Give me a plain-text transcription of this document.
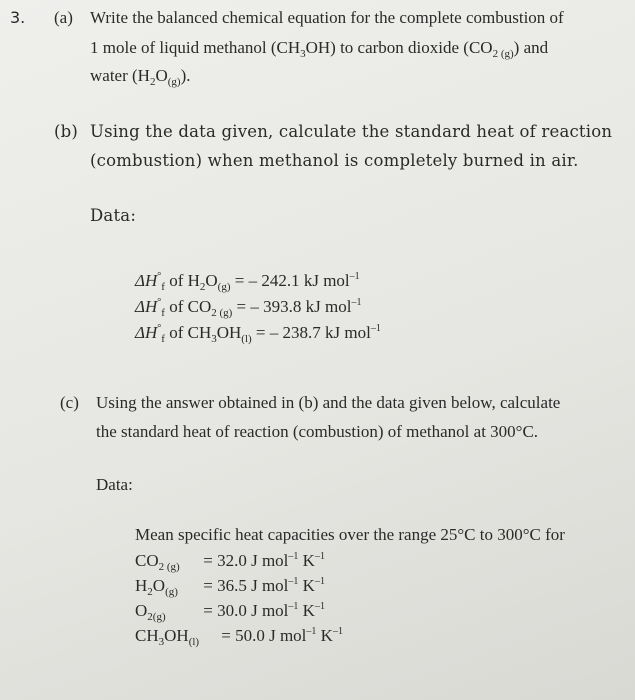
3. (a) Write the balanced chemical equation for the complete combustion of
1 mole of liquid methanol $(CH_3OH)$ to carbon dioxide $(CO_{2 (g)})$ and
water $(H_2O_{(g)})$.
(b) Using the data given, calculate the standard heat of reaction
(combustion) when methanol is completely burned in air.
Data:
$\Delta H^\circ_f$ of $H_2O_{(g)}$ = – 242.1 kJ mol$^{-1}$
$\Delta H^\circ_f$ of $CO_{2 (g)}$ = – 393.8 kJ mol$^{-1}$
$\Delta H^\circ_f$ of $CH_3OH_{(l)}$ = – 238.7 kJ mol$^{-1}$
(c) Using the answer obtained in (b) and the data given below, calculate
the standard heat of reaction (combustion) of methanol at 300°C.
Data:
Mean specific heat capacities over the range 25°C to 300°C for
$CO_{2 (g)} = 32.0$ J mol$^{-1}$ $K^{-1}$
$H_2O_{(g)} = 36.5$ J mol$^{-1}$ $K^{-1}$
$O_{2(g)} = 30.0$ J mol$^{-1}$ $K^{-1}$
$CH_3OH_{(l)} = 50.0$ J mol$^{-1}$ $K^{-1}$
